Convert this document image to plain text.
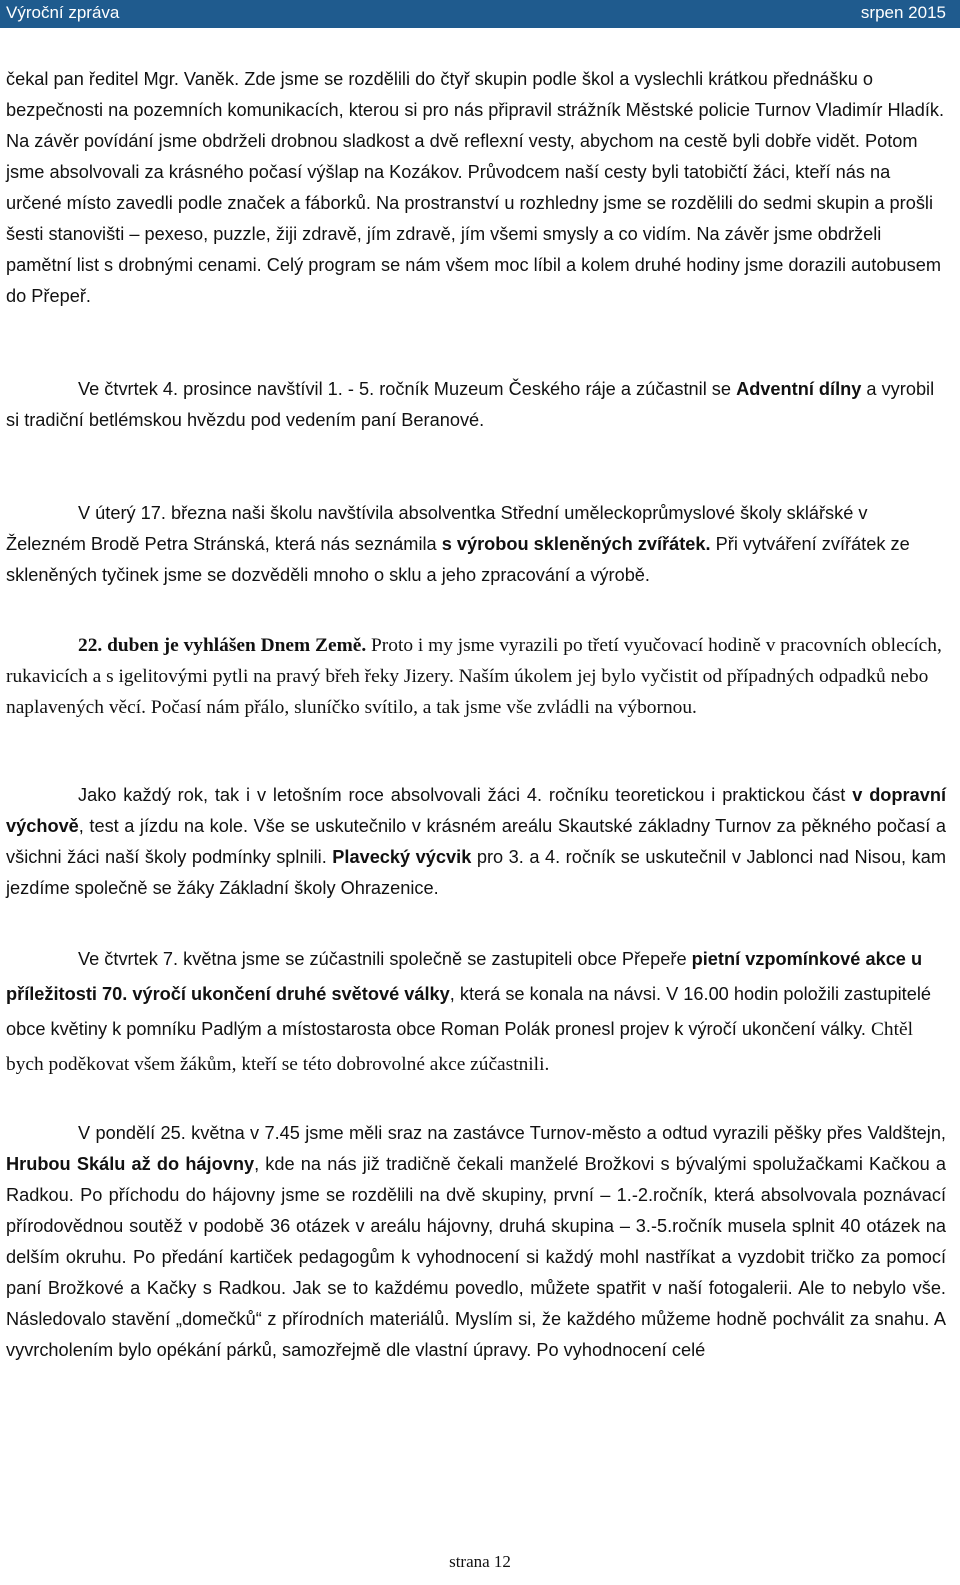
Výroční zpráva	srpen 2015

čekal pan ředitel Mgr. Vaněk. Zde jsme se rozdělili do čtyř skupin podle škol a vyslechli krátkou přednášku o bezpečnosti na pozemních komunikacích, kterou si pro nás připravil strážník Městské policie Turnov Vladimír Hladík. Na závěr povídání jsme obdrželi drobnou sladkost a dvě reflexní vesty, abychom na cestě byli dobře vidět. Potom jsme absolvovali za krásného počasí výšlap na Kozákov. Průvodcem naší cesty byli tatobičtí žáci, kteří nás na určené místo zavedli podle značek a fáborků. Na prostranství u rozhledny jsme se rozdělili do sedmi skupin a prošli šesti stanovišti – pexeso, puzzle, žiji zdravě, jím zdravě, jím všemi smysly a co vidím. Na závěr jsme obdrželi pamětní list s drobnými cenami. Celý program se nám všem moc líbil a kolem druhé hodiny jsme dorazili autobusem do Přepeř.

Ve čtvrtek 4. prosince navštívil 1. - 5. ročník Muzeum Českého ráje a zúčastnil se Adventní dílny a vyrobil si tradiční betlémskou hvězdu pod vedením paní Beranové.

V úterý 17. března naši školu navštívila absolventka Střední uměleckoprůmyslové školy sklářské v Železném Brodě Petra Stránská, která nás seznámila s výrobou skleněných zvířátek. Při vytváření zvířátek ze skleněných tyčinek jsme se dozvěděli mnoho o sklu a jeho zpracování a výrobě.

22. duben je vyhlášen Dnem Země. Proto i my jsme vyrazili po třetí vyučovací hodině v pracovních oblecích, rukavicích a s igelitovými pytli na pravý břeh řeky Jizery. Naším úkolem jej bylo vyčistit od případných odpadků nebo naplavených věcí. Počasí nám přálo, sluníčko svítilo, a tak jsme vše zvládli na výbornou.

Jako každý rok, tak i v letošním roce absolvovali žáci 4. ročníku teoretickou i praktickou část v dopravní výchově, test a jízdu na kole. Vše se uskutečnilo v krásném areálu Skautské základny Turnov za pěkného počasí a všichni žáci naší školy podmínky splnili. Plavecký výcvik pro 3. a 4. ročník se uskutečnil v Jablonci nad Nisou, kam jezdíme společně se žáky Základní školy Ohrazenice.

Ve čtvrtek 7. května jsme se zúčastnili společně se zastupiteli obce Přepeře pietní vzpomínkové akce u příležitosti 70. výročí ukončení druhé světové války, která se konala na návsi. V 16.00 hodin položili zastupitelé obce květiny k pomníku Padlým a místostarosta obce Roman Polák pronesl projev k výročí ukončení války. Chtěl bych poděkovat všem žákům, kteří se této dobrovolné akce zúčastnili.

V pondělí 25. května v 7.45 jsme měli sraz na zastávce Turnov-město a odtud vyrazili pěšky přes Valdštejn, Hrubou Skálu až do hájovny, kde na nás již tradičně čekali manželé Brožkovi s bývalými spolužačkami Kačkou a Radkou. Po příchodu do hájovny jsme se rozdělili na dvě skupiny, první – 1.-2.ročník, která absolvovala poznávací přírodovědnou soutěž v podobě 36 otázek v areálu hájovny, druhá skupina – 3.-5.ročník musela splnit 40 otázek na delším okruhu. Po předání kartiček pedagogům k vyhodnocení si každý mohl nastříkat a vyzdobit tričko za pomocí paní Brožkové a Kačky s Radkou. Jak se to každému povedlo, můžete spatřit v naší fotogalerii. Ale to nebylo vše. Následovalo stavění „domečků“ z přírodních materiálů. Myslím si, že každého můžeme hodně pochválit za snahu. A vyvrcholením bylo opékání párků, samozřejmě dle vlastní úpravy. Po vyhodnocení celé

strana 12
